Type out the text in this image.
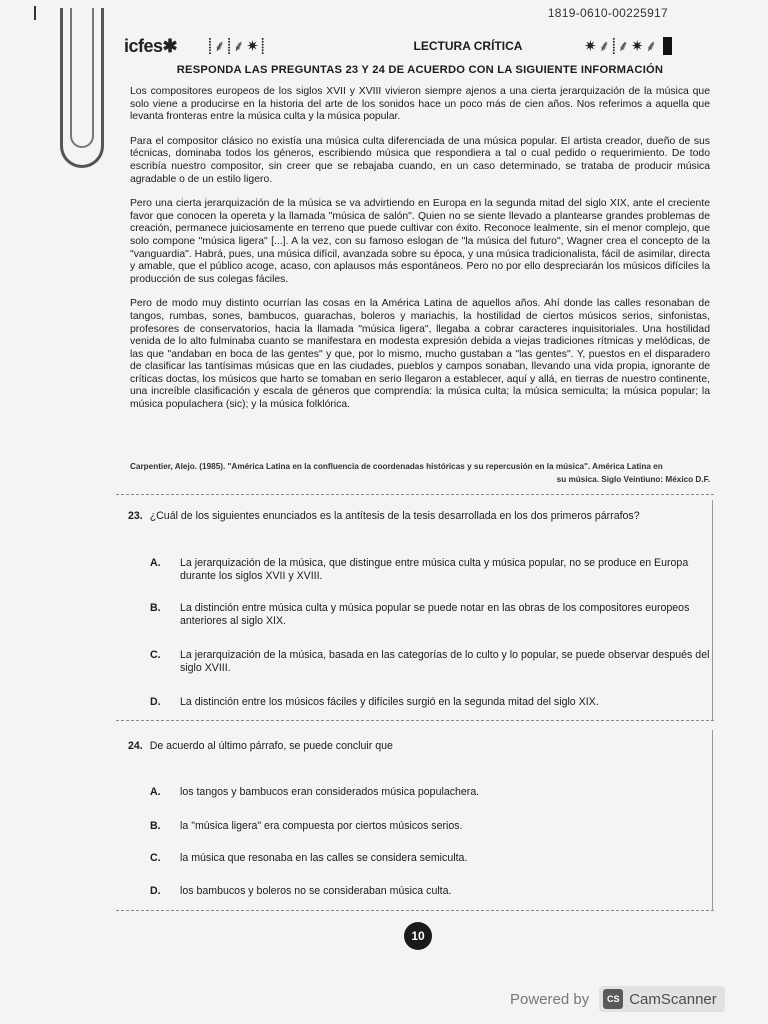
1819-0610-00225917
icfes✱	⸽⸙⸽⸙✷⸽	LECTURA CRÍTICA	✷⸙⸽⸙✷⸙
RESPONDA LAS PREGUNTAS 23 Y 24 DE ACUERDO CON LA SIGUIENTE INFORMACIÓN

Los compositores europeos de los siglos XVII y XVIII vivieron siempre ajenos a una cierta jerarquización de la música que solo viene a producirse en la historia del arte de los sonidos hace un poco más de cien años. Nos referimos a aquella que levanta fronteras entre la música culta y la música popular.

Para el compositor clásico no existía una música culta diferenciada de una música popular. El artista creador, dueño de sus técnicas, dominaba todos los géneros, escribiendo música que respondiera a tal o cual pedido o requerimiento. De todo escribía nuestro compositor, sin creer que se rebajaba cuando, en un caso determinado, se trataba de producir música agradable o de un estilo ligero.

Pero una cierta jerarquización de la música se va advirtiendo en Europa en la segunda mitad del siglo XIX, ante el creciente favor que conocen la opereta y la llamada "música de salón". Quien no se siente llevado a plantearse grandes problemas de creación, permanece juiciosamente en terreno que puede cultivar con éxito. Reconoce lealmente, sin el menor complejo, que solo compone "música ligera" [...]. A la vez, con su famoso eslogan de "la música del futuro", Wagner crea el concepto de la "vanguardia". Habrá, pues, una música difícil, avanzada sobre su época, y una música tradicionalista, fácil de asimilar, directa y amable, que el público acoge, acaso, con aplausos más espontáneos. Pero no por ello despreciarán los músicos difíciles la producción de sus colegas fáciles.

Pero de modo muy distinto ocurrían las cosas en la América Latina de aquellos años. Ahí donde las calles resonaban de tangos, rumbas, sones, bambucos, guarachas, boleros y mariachis, la hostilidad de ciertos músicos serios, sinfonistas, profesores de conservatorios, hacia la llamada "música ligera", llegaba a cobrar caracteres inquisitoriales. Una hostilidad venida de lo alto fulminaba cuanto se manifestara en modesta expresión debida a viejas tradiciones rítmicas y melódicas, de las que "andaban en boca de las gentes" y que, por lo mismo, mucho gustaban a "las gentes". Y, puestos en el disparadero de clasificar las tantísimas músicas que en las ciudades, pueblos y campos sonaban, llevando una vida propia, ignorante de críticas doctas, los músicos que harto se tomaban en serio llegaron a establecer, aquí y allá, en tierras de nuestro continente, una increíble clasificación y escala de géneros que comprendía: la música culta; la música semiculta; la música popular; la música populachera (sic); y la música folklórica.

Carpentier, Alejo. (1985). "América Latina en la confluencia de coordenadas históricas y su repercusión en la música". América Latina en
su música. Siglo Veintiuno: México D.F.
23. ¿Cuál de los siguientes enunciados es la antítesis de la tesis desarrollada en los dos primeros párrafos?
A.	La jerarquización de la música, que distingue entre música culta y música popular, no se produce en Europa durante los siglos XVII y XVIII.
B.	La distinción entre música culta y música popular se puede notar en las obras de los compositores europeos anteriores al siglo XIX.
C.	La jerarquización de la música, basada en las categorías de lo culto y lo popular, se puede observar después del siglo XVIII.
D.	La distinción entre los músicos fáciles y difíciles surgió en la segunda mitad del siglo XIX.
24. De acuerdo al último párrafo, se puede concluir que
A.	los tangos y bambucos eran considerados música populachera.
B.	la "música ligera" era compuesta por ciertos músicos serios.
C.	la música que resonaba en las calles se considera semiculta.
D.	los bambucos y boleros no se consideraban música culta.
10
Powered by	CS CamScanner
